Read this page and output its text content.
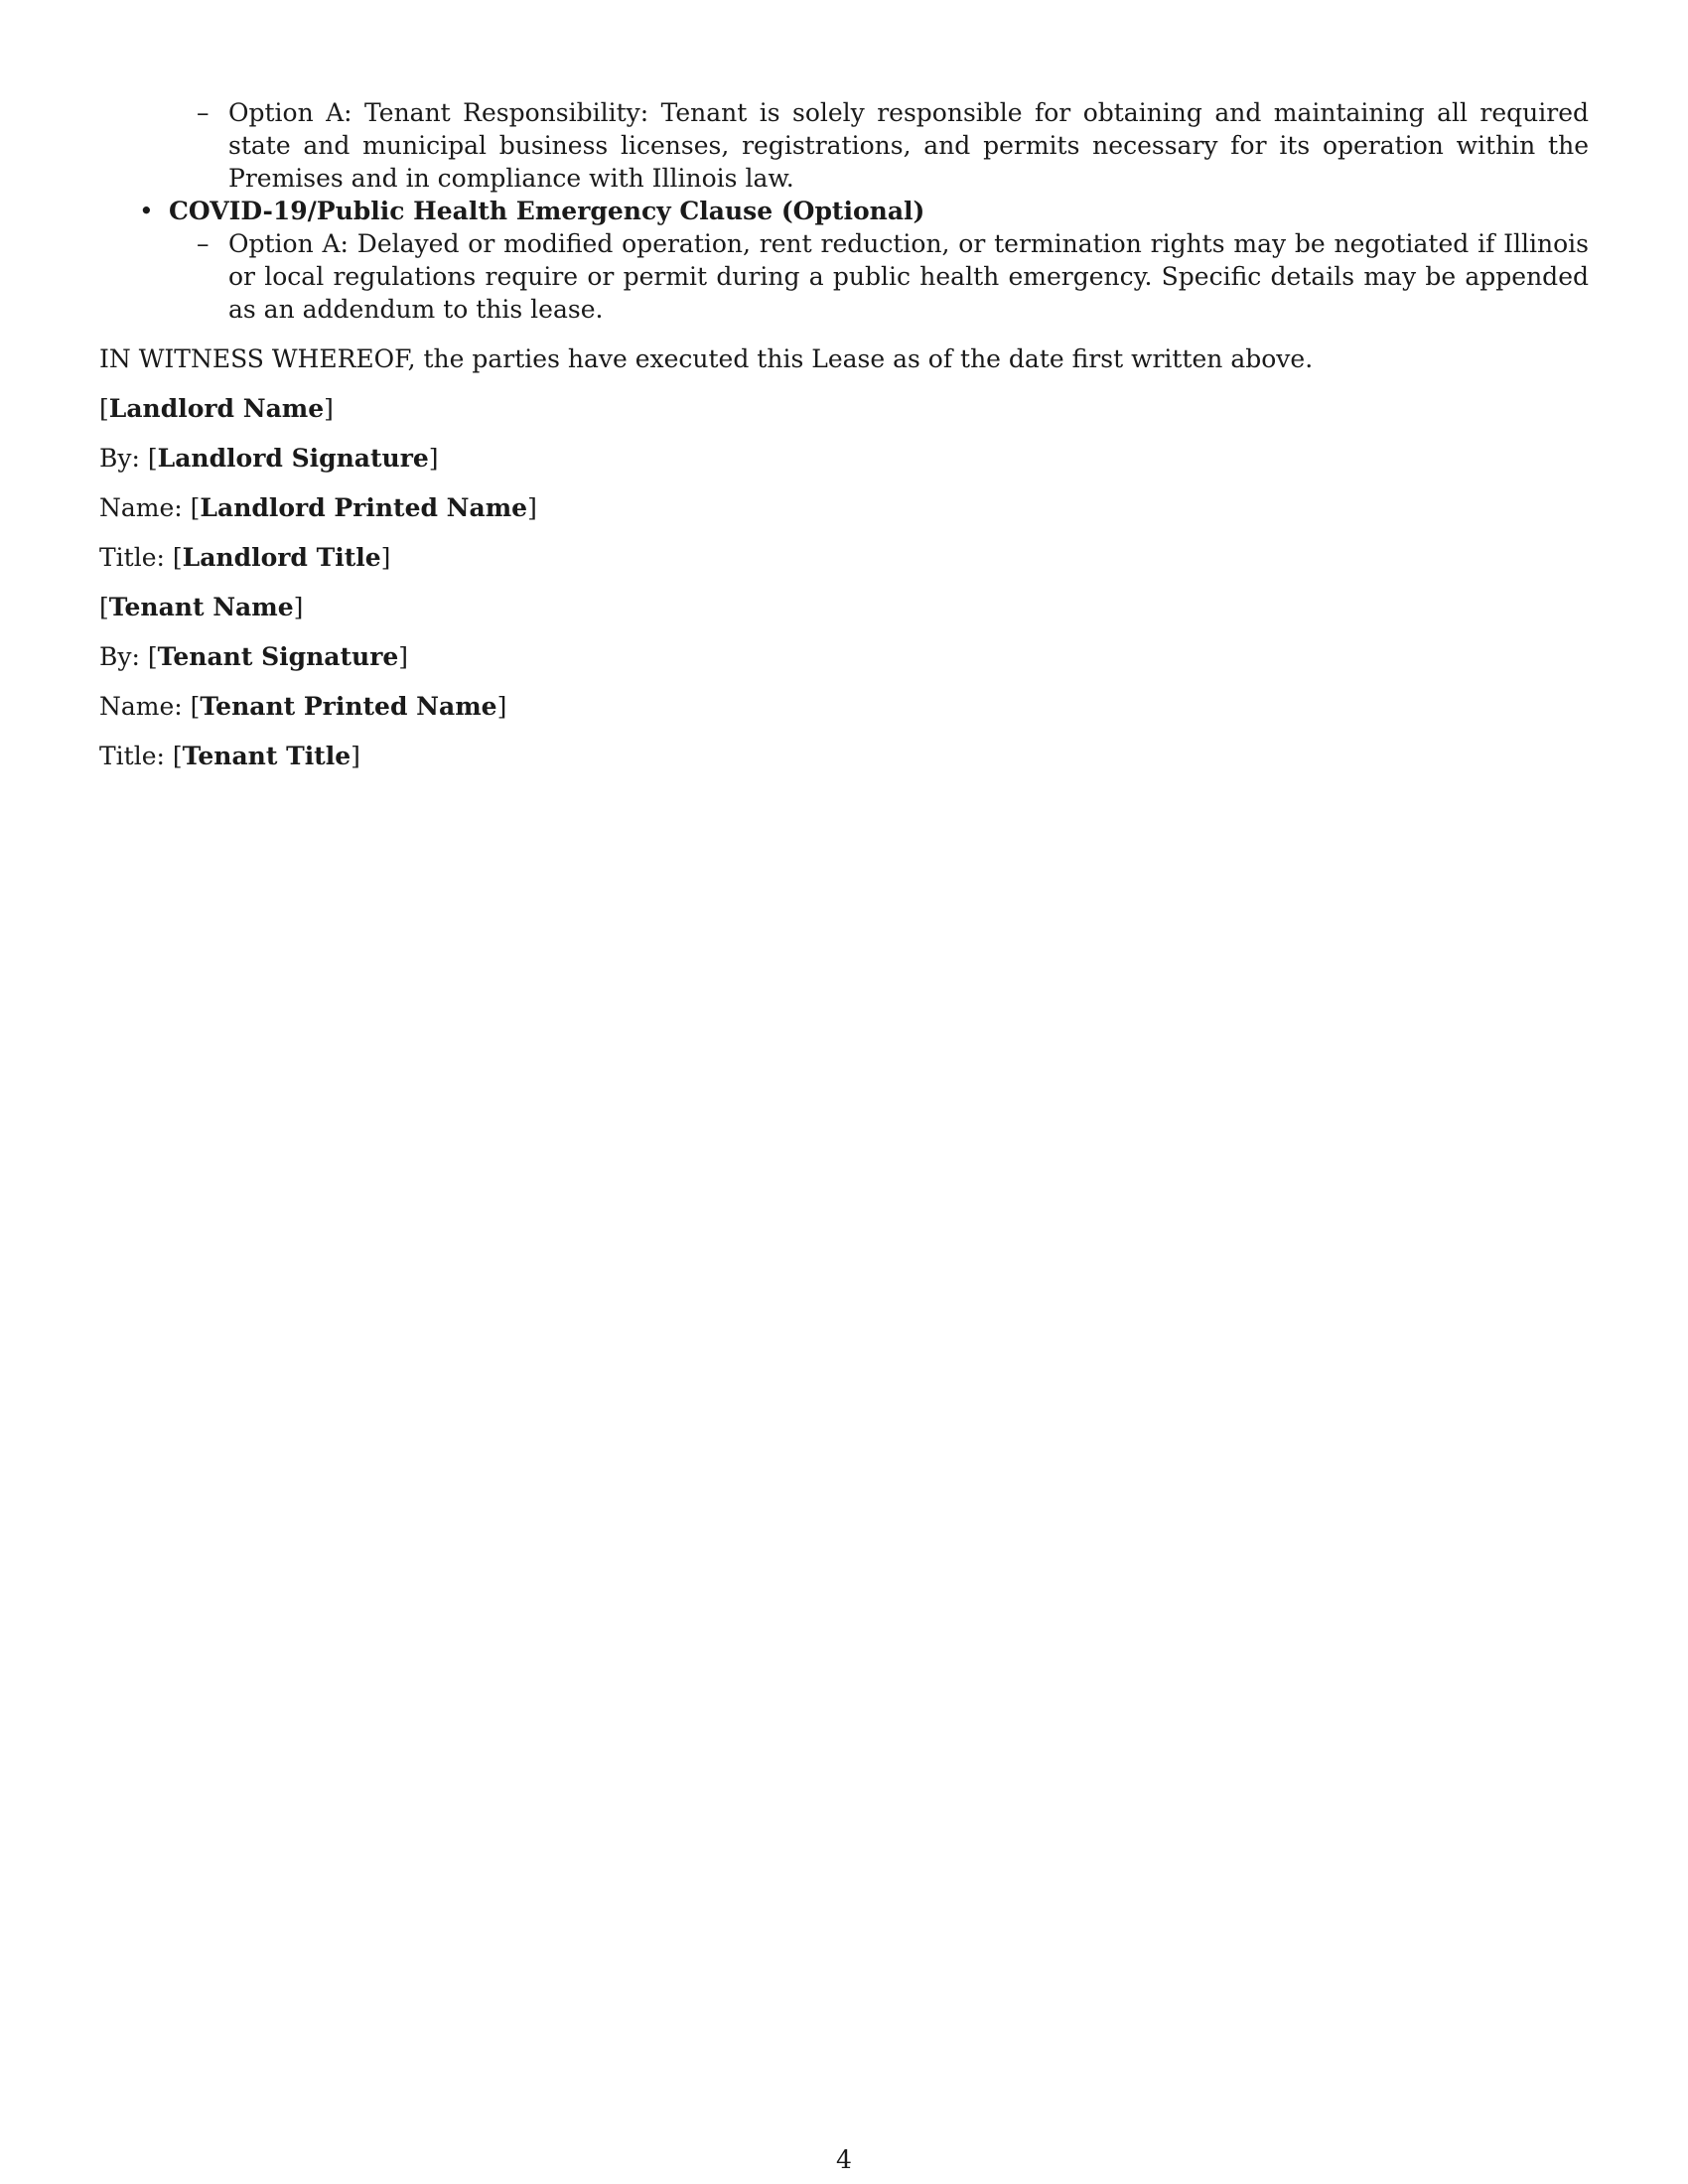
– Option A: Tenant Responsibility: Tenant is solely responsible for obtaining and maintaining all required state and municipal business licenses, registrations, and permits necessary for its operation within the Premises and in compliance with Illinois law.
• COVID-19/Public Health Emergency Clause (Optional)
– Option A: Delayed or modified operation, rent reduction, or termination rights may be negotiated if Illinois or local regulations require or permit during a public health emergency. Specific details may be appended as an addendum to this lease.
IN WITNESS WHEREOF, the parties have executed this Lease as of the date first written above.
[Landlord Name]
By: [Landlord Signature]
Name: [Landlord Printed Name]
Title: [Landlord Title]
[Tenant Name]
By: [Tenant Signature]
Name: [Tenant Printed Name]
Title: [Tenant Title]
4
